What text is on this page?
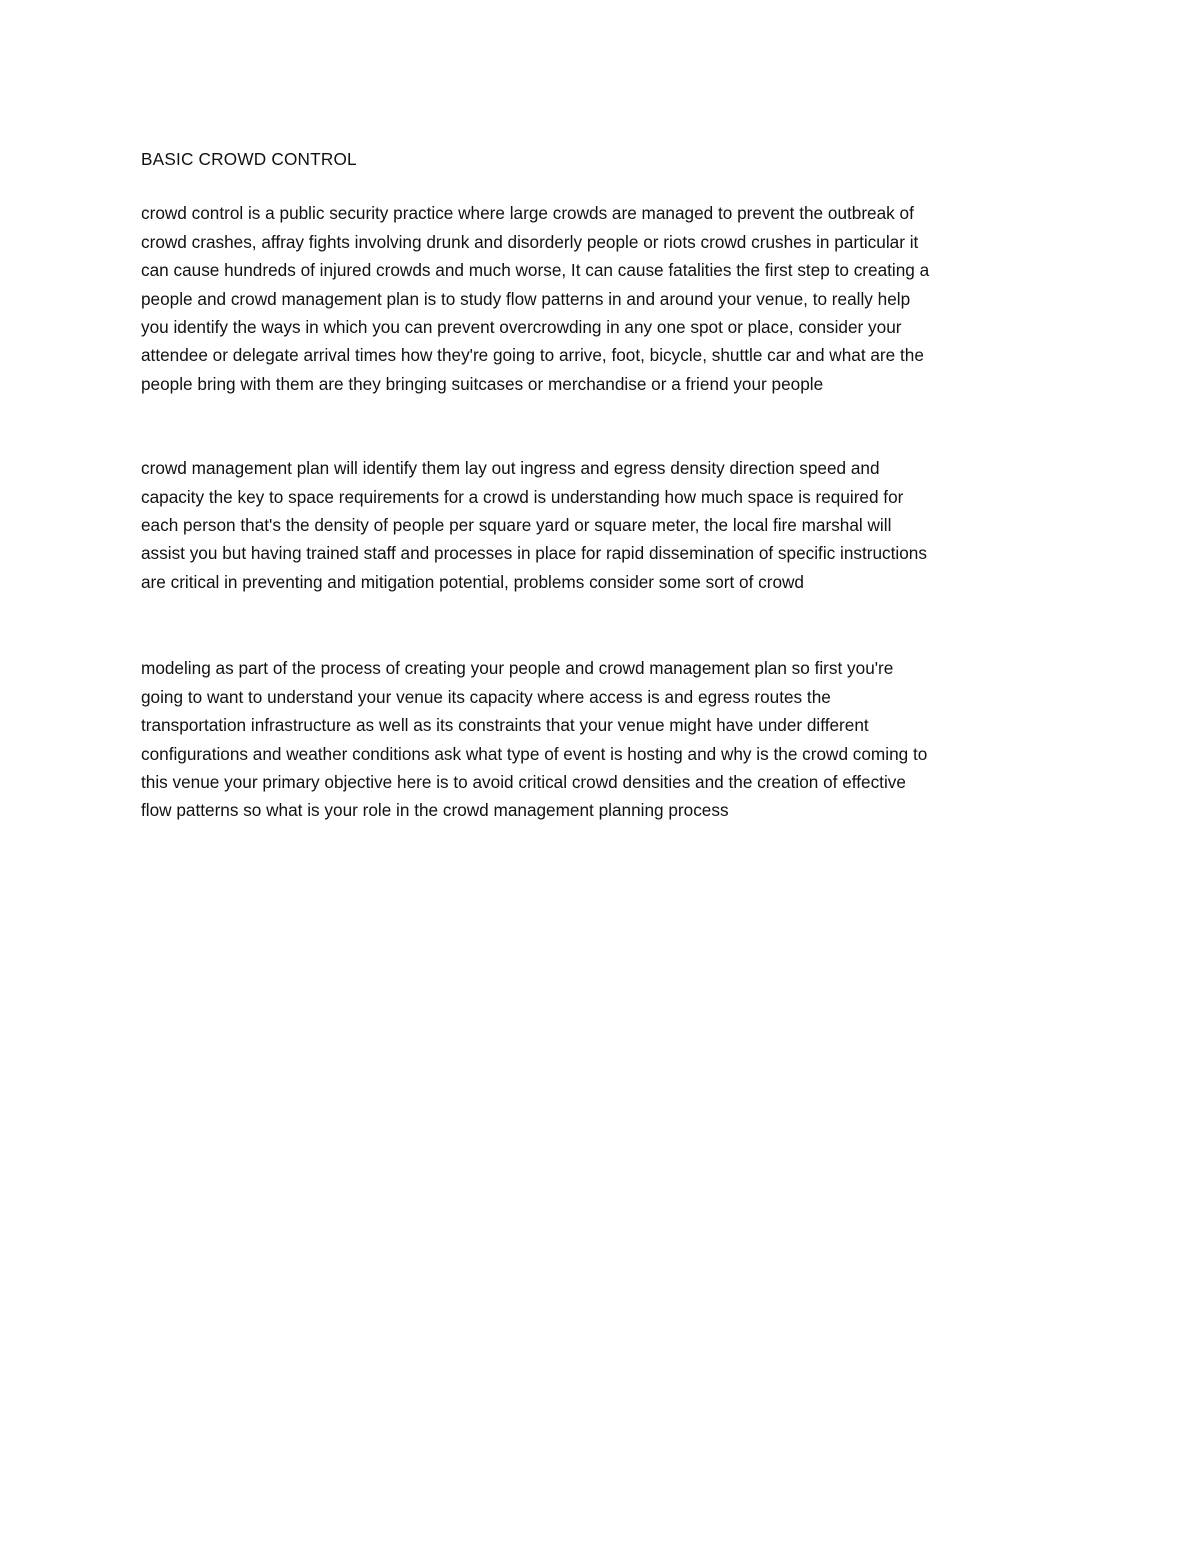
BASIC CROWD CONTROL
crowd control is a public security practice where large crowds are managed to prevent the outbreak of
crowd crashes, affray fights involving drunk and disorderly people or riots crowd crushes in particular it
can cause hundreds of injured crowds and much worse, It can cause fatalities the first step to creating a
people and crowd management plan is to study flow patterns in and around your venue, to really help
you identify the ways in which you can prevent overcrowding in any one spot or place, consider your
attendee or delegate arrival times how they're going to arrive, foot, bicycle, shuttle car and what are the
people bring with them are they bringing suitcases or merchandise or a friend your people
crowd management plan will identify them lay out ingress and egress density direction speed and
capacity the key to space requirements for a crowd is understanding how much space is required for
each person that's the density of people per square yard or square meter, the local fire marshal will
assist you but having trained staff and processes in place for rapid dissemination of specific instructions
are critical in preventing and mitigation potential, problems consider some sort of crowd
modeling as part of the process of creating your people and crowd management plan so first you're
going to want to understand your venue its capacity where access is and egress routes the
transportation infrastructure as well as its constraints that your venue might have under different
configurations and weather conditions ask what type of event is hosting and why is the crowd coming to
this venue your primary objective here is to avoid critical crowd densities and the creation of effective
flow patterns so what is your role in the crowd management planning process
